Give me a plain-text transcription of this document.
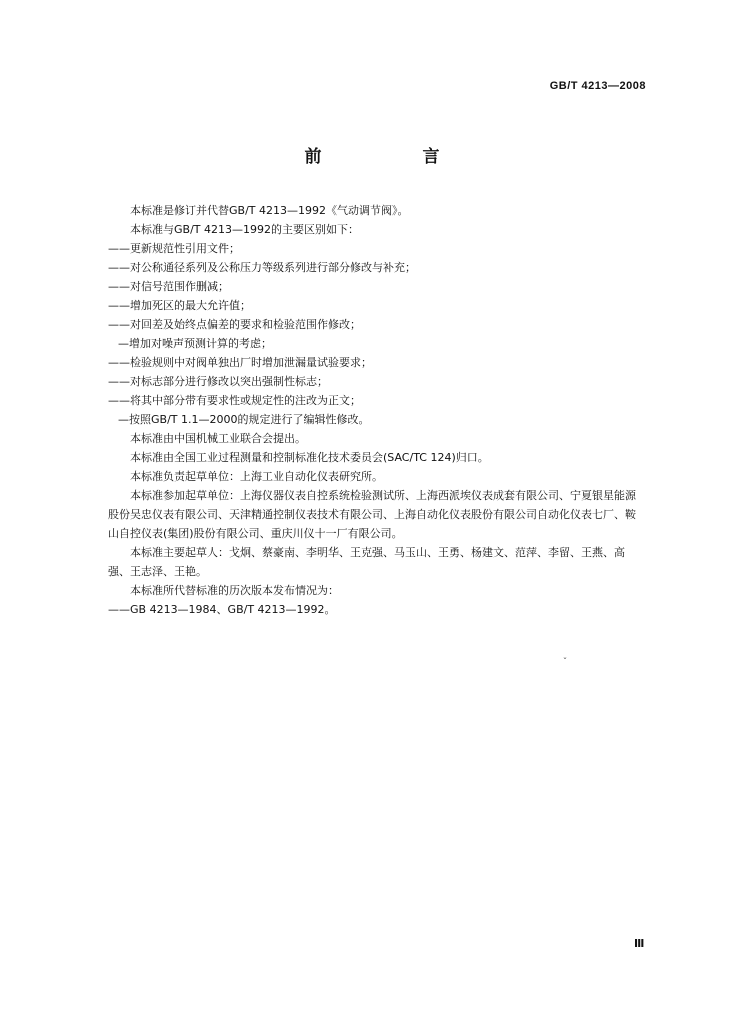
GB/T 4213—2008
前　言

本标准是修订并代替GB/T 4213—1992《气动调节阀》。

本标准与GB/T 4213—1992的主要区别如下：

——更新规范性引用文件；

——对公称通径系列及公称压力等级系列进行部分修改与补充；

——对信号范围作删减；

——增加死区的最大允许值；

——对回差及始终点偏差的要求和检验范围作修改；

—增加对噪声预测计算的考虑；

——检验规则中对阀单独出厂时增加泄漏量试验要求；

——对标志部分进行修改以突出强制性标志；

——将其中部分带有要求性或规定性的注改为正文；

—按照GB/T 1.1—2000的规定进行了编辑性修改。

本标准由中国机械工业联合会提出。

本标准由全国工业过程测量和控制标准化技术委员会(SAC/TC 124)归口。

本标准负责起草单位：上海工业自动化仪表研究所。

本标准参加起草单位：上海仪器仪表自控系统检验测试所、上海西派埃仪表成套有限公司、宁夏银星能源股份吴忠仪表有限公司、天津精通控制仪表技术有限公司、上海自动化仪表股份有限公司自动化仪表七厂、鞍山自控仪表(集团)股份有限公司、重庆川仪十一厂有限公司。

本标准主要起草人：戈炯、蔡豪南、李明华、王克强、马玉山、王勇、杨建文、范萍、李留、王燕、高强、王志泽、王艳。

本标准所代替标准的历次版本发布情况为：

——GB 4213—1984、GB/T 4213—1992。

˘
Ⅲ
